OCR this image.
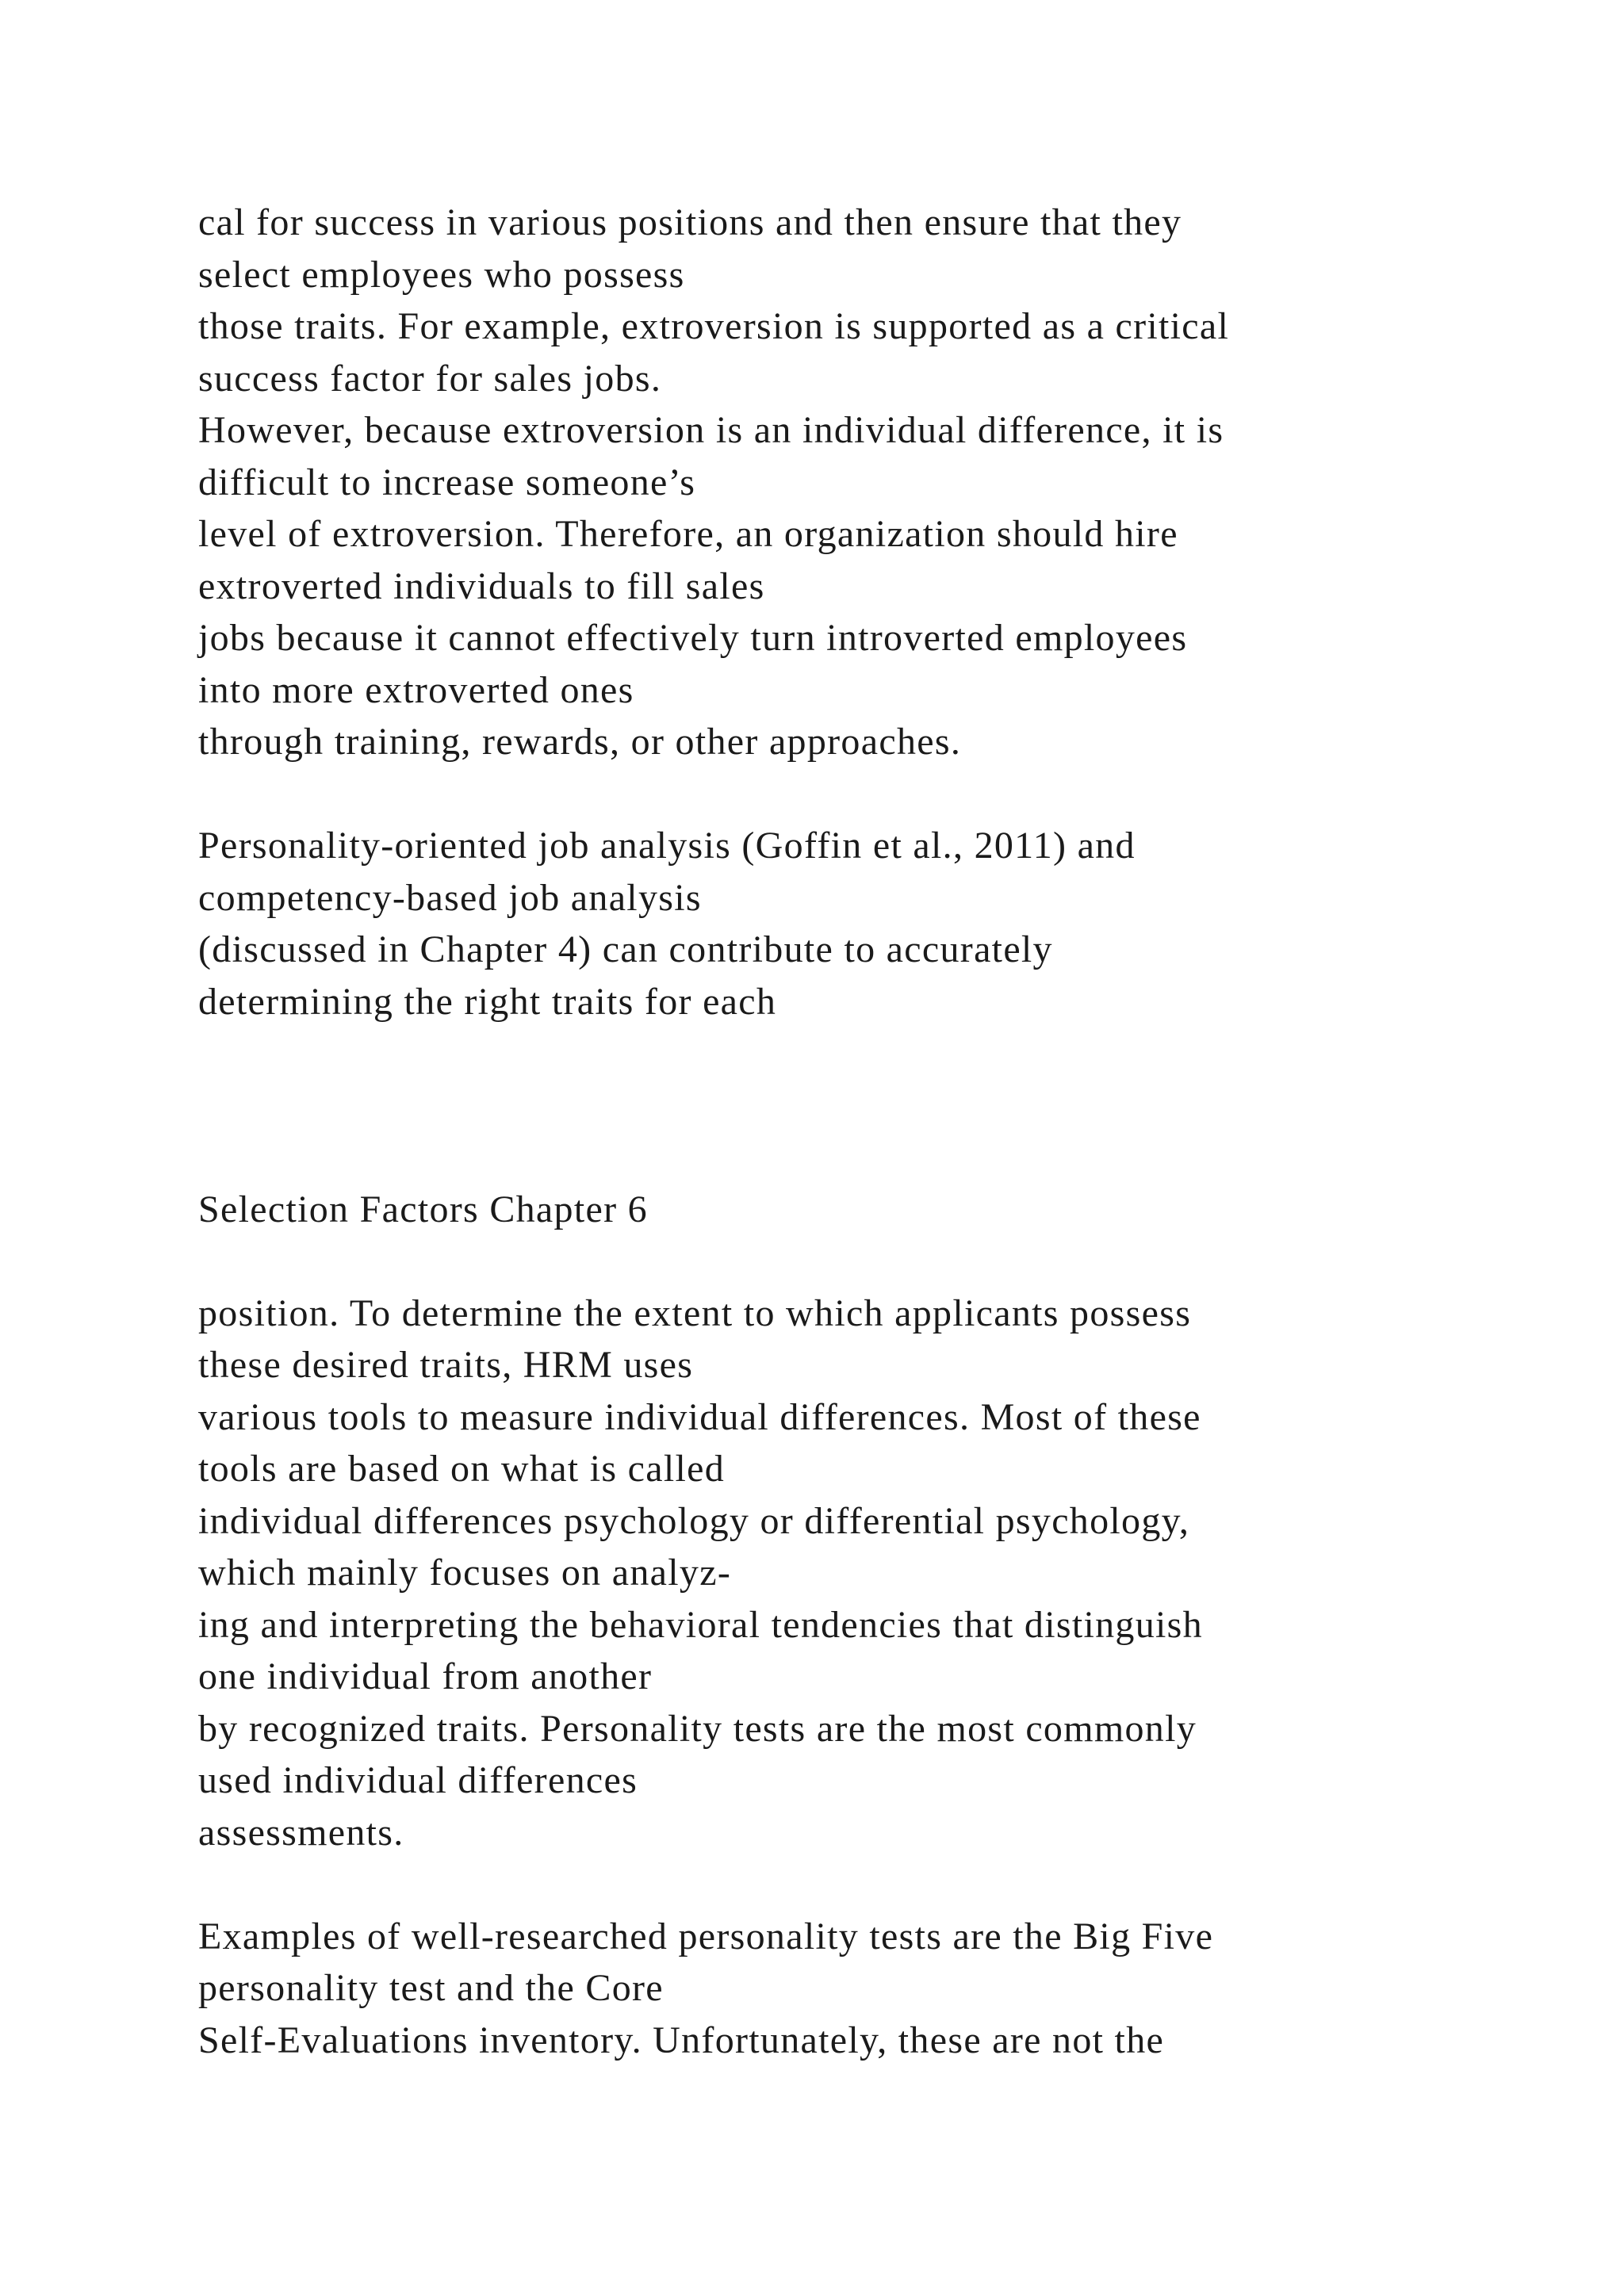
cal for success in various positions and then ensure that they
select employees who possess
those traits. For example, extroversion is supported as a critical
success factor for sales jobs.
However, because extroversion is an individual difference, it is
difficult to increase someone’s
level of extroversion. Therefore, an organization should hire
extroverted individuals to fill sales
jobs because it cannot effectively turn introverted employees
into more extroverted ones
through training, rewards, or other approaches.
Personality-oriented job analysis (Goffin et al., 2011) and
competency-based job analysis
(discussed in Chapter 4) can contribute to accurately
determining the right traits for each
Selection Factors Chapter 6
position. To determine the extent to which applicants possess
these desired traits, HRM uses
various tools to measure individual differences. Most of these
tools are based on what is called
individual differences psychology or differential psychology,
which mainly focuses on analyz-
ing and interpreting the behavioral tendencies that distinguish
one individual from another
by recognized traits. Personality tests are the most commonly
used individual differences
assessments.
Examples of well-researched personality tests are the Big Five
personality test and the Core
Self-Evaluations inventory. Unfortunately, these are not the
